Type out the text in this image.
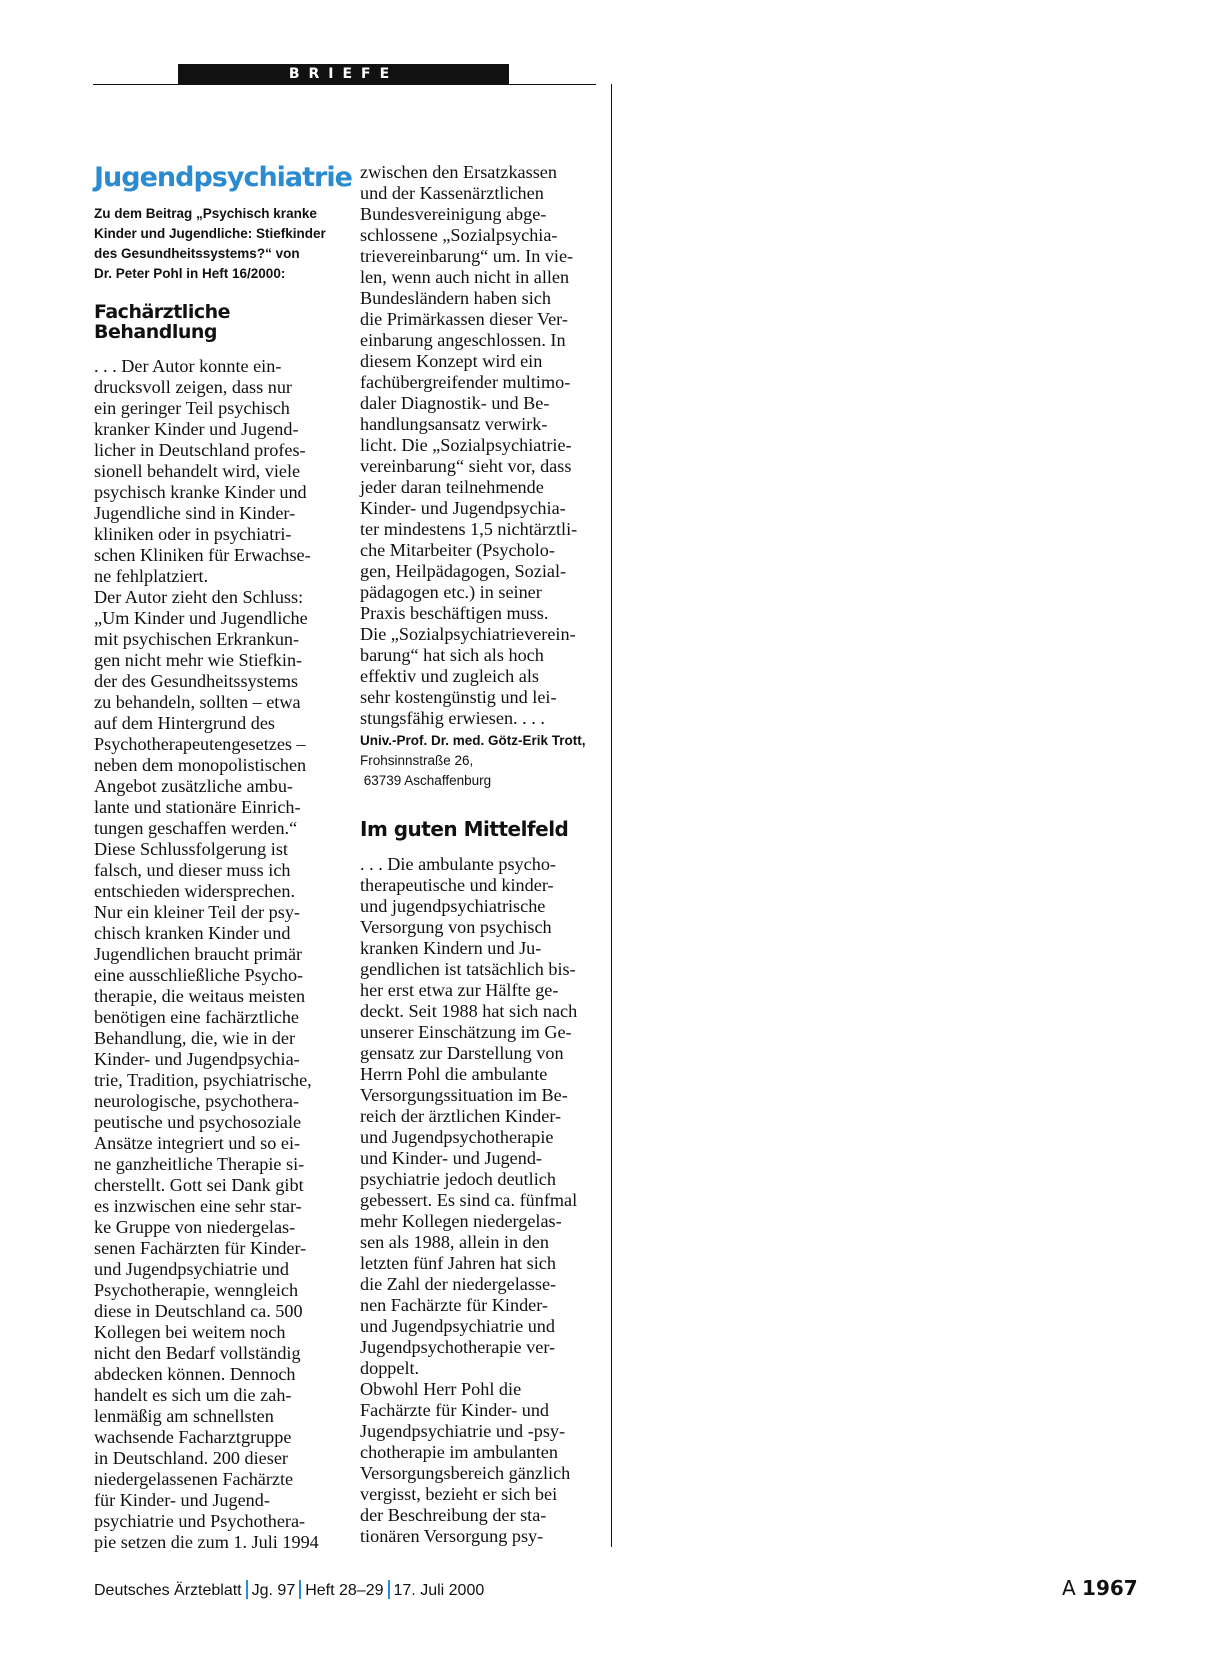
BRIEFE
Jugendpsychiatrie
Zu dem Beitrag „Psychisch kranke
Kinder und Jugendliche: Stiefkinder
des Gesundheitssystems?“ von
Dr. Peter Pohl in Heft 16/2000:
Fachärztliche
Behandlung

. . . Der Autor konnte ein-
drucksvoll zeigen, dass nur
ein geringer Teil psychisch
kranker Kinder und Jugend-
licher in Deutschland profes-
sionell behandelt wird, viele
psychisch kranke Kinder und
Jugendliche sind in Kinder-
kliniken oder in psychiatri-
schen Kliniken für Erwachse-
ne fehlplatziert.
Der Autor zieht den Schluss:
„Um Kinder und Jugendliche
mit psychischen Erkrankun-
gen nicht mehr wie Stiefkin-
der des Gesundheitssystems
zu behandeln, sollten – etwa
auf dem Hintergrund des
Psychotherapeutengesetzes –
neben dem monopolistischen
Angebot zusätzliche ambu-
lante und stationäre Einrich-
tungen geschaffen werden.“
Diese Schlussfolgerung ist
falsch, und dieser muss ich
entschieden widersprechen.
Nur ein kleiner Teil der psy-
chisch kranken Kinder und
Jugendlichen braucht primär
eine ausschließliche Psycho-
therapie, die weitaus meisten
benötigen eine fachärztliche
Behandlung, die, wie in der
Kinder- und Jugendpsychia-
trie, Tradition, psychiatrische,
neurologische, psychothera-
peutische und psychosoziale
Ansätze integriert und so ei-
ne ganzheitliche Therapie si-
cherstellt. Gott sei Dank gibt
es inzwischen eine sehr star-
ke Gruppe von niedergelas-
senen Fachärzten für Kinder-
und Jugendpsychiatrie und
Psychotherapie, wenngleich
diese in Deutschland ca. 500
Kollegen bei weitem noch
nicht den Bedarf vollständig
abdecken können. Dennoch
handelt es sich um die zah-
lenmäßig am schnellsten
wachsende Facharztgruppe
in Deutschland. 200 dieser
niedergelassenen Fachärzte
für Kinder- und Jugend-
psychiatrie und Psychothera-
pie setzen die zum 1. Juli 1994

zwischen den Ersatzkassen
und der Kassenärztlichen
Bundesvereinigung abge-
schlossene „Sozialpsychia-
trievereinbarung“ um. In vie-
len, wenn auch nicht in allen
Bundesländern haben sich
die Primärkassen dieser Ver-
einbarung angeschlossen. In
diesem Konzept wird ein
fachübergreifender multimo-
daler Diagnostik- und Be-
handlungsansatz verwirk-
licht. Die „Sozialpsychiatrie-
vereinbarung“ sieht vor, dass
jeder daran teilnehmende
Kinder- und Jugendpsychia-
ter mindestens 1,5 nichtärztli-
che Mitarbeiter (Psycholo-
gen, Heilpädagogen, Sozial-
pädagogen etc.) in seiner
Praxis beschäftigen muss.
Die „Sozialpsychiatrieverein-
barung“ hat sich als hoch
effektiv und zugleich als
sehr kostengünstig und lei-
stungsfähig erwiesen. . . .

Univ.-Prof. Dr. med. Götz-Erik Trott,
Frohsinnstraße 26,
63739 Aschaffenburg
Im guten Mittelfeld

. . . Die ambulante psycho-
therapeutische und kinder-
und jugendpsychiatrische
Versorgung von psychisch
kranken Kindern und Ju-
gendlichen ist tatsächlich bis-
her erst etwa zur Hälfte ge-
deckt. Seit 1988 hat sich nach
unserer Einschätzung im Ge-
gensatz zur Darstellung von
Herrn Pohl die ambulante
Versorgungssituation im Be-
reich der ärztlichen Kinder-
und Jugendpsychotherapie
und Kinder- und Jugend-
psychiatrie jedoch deutlich
gebessert. Es sind ca. fünfmal
mehr Kollegen niedergelas-
sen als 1988, allein in den
letzten fünf Jahren hat sich
die Zahl der niedergelasse-
nen Fachärzte für Kinder-
und Jugendpsychiatrie und
Jugendpsychotherapie ver-
doppelt.
Obwohl Herr Pohl die
Fachärzte für Kinder- und
Jugendpsychiatrie und -psy-
chotherapie im ambulanten
Versorgungsbereich gänzlich
vergisst, bezieht er sich bei
der Beschreibung der sta-
tionären Versorgung psy-

Deutsches Ärzteblatt Jg. 97 Heft 28–29 17. Juli 2000	A 1967
